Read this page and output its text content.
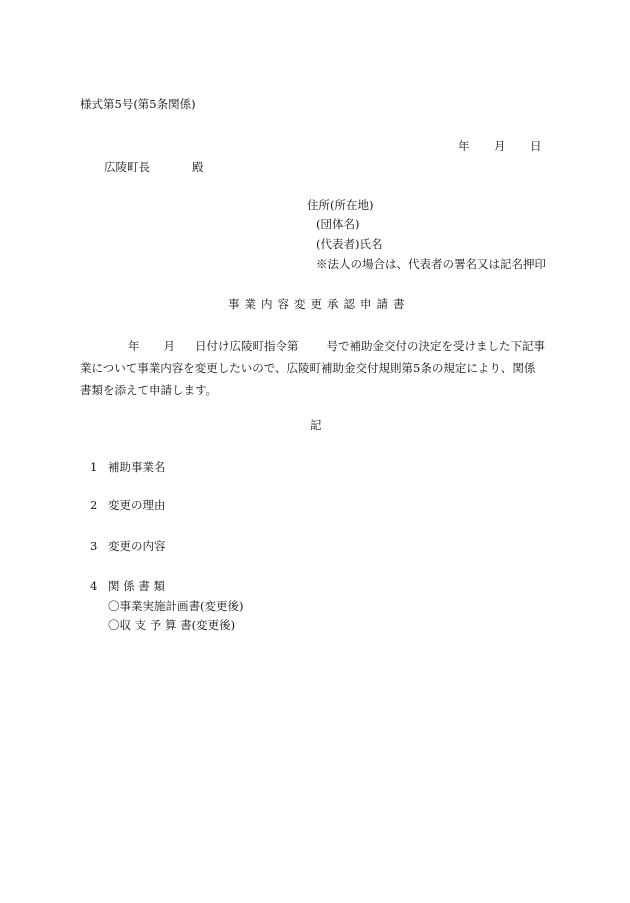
様式第5号(第5条関係)
年 月 日
広陵町長	殿
住所(所在地)
(団体名)
(代表者)氏名
※法人の場合は、代表者の署名又は記名押印
事業内容変更承認申請書
年 月 日付け広陵町指令第 号で補助金交付の決定を受けました下記事
業について事業内容を変更したいので、広陵町補助金交付規則第5条の規定により、関係
書類を添えて申請します。
記
1 補助事業名
2 変更の理由
3 変更の内容
4 関 係 書 類
〇事業実施計画書(変更後)
〇収 支 予 算 書(変更後)
